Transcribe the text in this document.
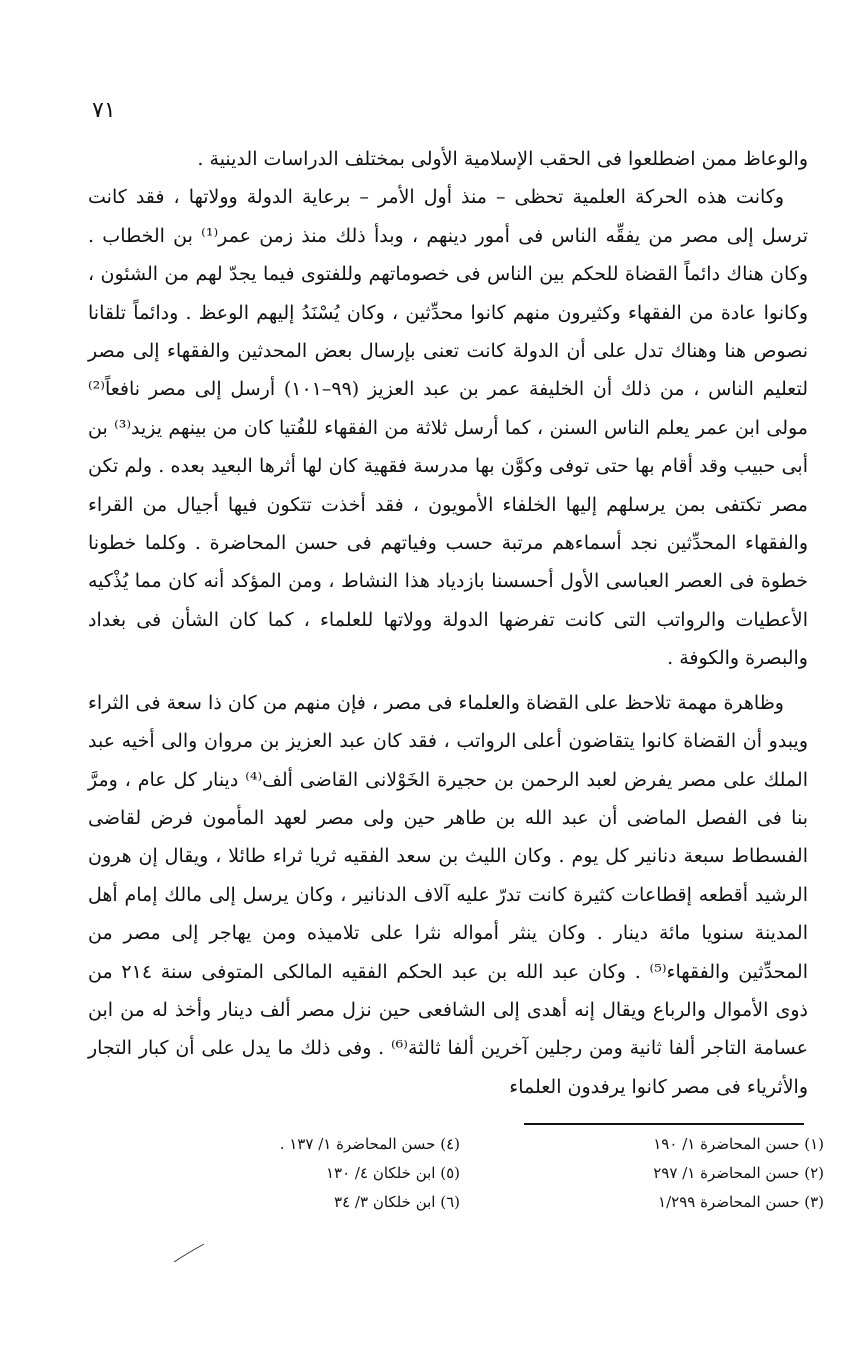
٧١

والوعاظ ممن اضطلعوا فى الحقب الإسلامية الأولى بمختلف الدراسات الدينية .

وكانت هذه الحركة العلمية تحظى – منذ أول الأمر – برعاية الدولة وولاتها ، فقد كانت ترسل إلى مصر من يفقِّه الناس فى أمور دينهم ، وبدأ ذلك منذ زمن عمر⁽¹⁾ بن الخطاب . وكان هناك دائماً القضاة للحكم بين الناس فى خصوماتهم وللفتوى فيما يجدّ لهم من الشئون ، وكانوا عادة من الفقهاء وكثيرون منهم كانوا محدِّثين ، وكان يُسْنَدُ إليهم الوعظ . ودائماً تلقانا نصوص هنا وهناك تدل على أن الدولة كانت تعنى بإرسال بعض المحدثين والفقهاء إلى مصر لتعليم الناس ، من ذلك أن الخليفة عمر بن عبد العزيز (٩٩–١٠١) أرسل إلى مصر نافعاً⁽²⁾ مولى ابن عمر يعلم الناس السنن ، كما أرسل ثلاثة من الفقهاء للفُتيا كان من بينهم يزيد⁽³⁾ بن أبى حبيب وقد أقام بها حتى توفى وكوَّن بها مدرسة فقهية كان لها أثرها البعيد بعده . ولم تكن مصر تكتفى بمن يرسلهم إليها الخلفاء الأمويون ، فقد أخذت تتكون فيها أجيال من القراء والفقهاء المحدِّثين نجد أسماءهم مرتبة حسب وفياتهم فى حسن المحاضرة . وكلما خطونا خطوة فى العصر العباسى الأول أحسسنا بازدياد هذا النشاط ، ومن المؤكد أنه كان مما يُذْكيه الأعطيات والرواتب التى كانت تفرضها الدولة وولاتها للعلماء ، كما كان الشأن فى بغداد والبصرة والكوفة .

وظاهرة مهمة تلاحظ على القضاة والعلماء فى مصر ، فإن منهم من كان ذا سعة فى الثراء ويبدو أن القضاة كانوا يتقاضون أعلى الرواتب ، فقد كان عبد العزيز بن مروان والى أخيه عبد الملك على مصر يفرض لعبد الرحمن بن حجيرة الخَوْلانى القاضى ألف⁽⁴⁾ دينار كل عام ، ومرَّ بنا فى الفصل الماضى أن عبد الله بن طاهر حين ولى مصر لعهد المأمون فرض لقاضى الفسطاط سبعة دنانير كل يوم . وكان الليث بن سعد الفقيه ثريا ثراء طائلا ، ويقال إن هرون الرشيد أقطعه إقطاعات كثيرة كانت تدرّ عليه آلاف الدنانير ، وكان يرسل إلى مالك إمام أهل المدينة سنويا مائة دينار . وكان ينثر أمواله نثرا على تلاميذه ومن يهاجر إلى مصر من المحدِّثين والفقهاء⁽⁵⁾ . وكان عبد الله بن عبد الحكم الفقيه المالكى المتوفى سنة ٢١٤ من ذوى الأموال والرباع ويقال إنه أهدى إلى الشافعى حين نزل مصر ألف دينار وأخذ له من ابن عسامة التاجر ألفا ثانية ومن رجلين آخرين ألفا ثالثة⁽⁶⁾ . وفى ذلك ما يدل على أن كبار التجار والأثرياء فى مصر كانوا يرفدون العلماء

(١) حسن المحاضرة ١/ ١٩٠
(٢) حسن المحاضرة ١/ ٢٩٧
(٣) حسن المحاضرة ١/٢٩٩
(٤) حسن المحاضرة ١/ ١٣٧ .
(٥) ابن خلكان ٤/ ١٣٠
(٦) ابن خلكان ٣/ ٣٤
